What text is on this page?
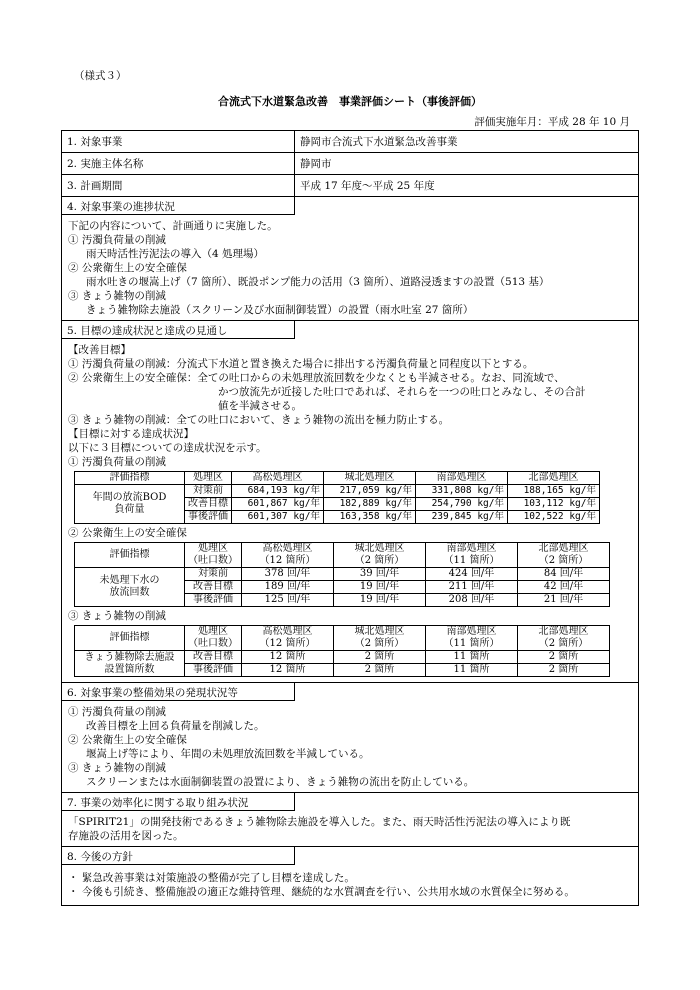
（様式３）
合流式下水道緊急改善　事業評価シート（事後評価）
評価実施年月：平成 28 年 10 月
1. 対象事業	静岡市合流式下水道緊急改善事業
2. 実施主体名称	静岡市
3. 計画期間	平成 17 年度〜平成 25 年度
4. 対象事業の進捗状況
下記の内容について、計画通りに実施した。
① 汚濁負荷量の削減
雨天時活性汚泥法の導入（4 処理場）
② 公衆衛生上の安全確保
雨水吐きの堰嵩上げ（7 箇所）、既設ポンプ能力の活用（3 箇所）、道路浸透ますの設置（513 基）
③ きょう雑物の削減
きょう雑物除去施設（スクリーン及び水面制御装置）の設置（雨水吐室 27 箇所）
5. 目標の達成状況と達成の見通し
【改善目標】
① 汚濁負荷量の削減：分流式下水道と置き換えた場合に排出する汚濁負荷量と同程度以下とする。
② 公衆衛生上の安全確保：全ての吐口からの未処理放流回数を少なくとも半減させる。なお、同流域で、
かつ放流先が近接した吐口であれば、それらを一つの吐口とみなし、その合計
値を半減させる。
③ きょう雑物の削減：全ての吐口において、きょう雑物の流出を極力防止する。
【目標に対する達成状況】
以下に３目標についての達成状況を示す。
① 汚濁負荷量の削減
評価指標	処理区	高松処理区	城北処理区	南部処理区	北部処理区

年間の放流BOD
負荷量	対策前	684,193 kg/年	217,059 kg/年	331,808 kg/年	188,165 kg/年
	改善目標	601,867 kg/年	182,889 kg/年	254,790 kg/年	103,112 kg/年
	事後評価	601,307 kg/年	163,358 kg/年	239,845 kg/年	102,522 kg/年
② 公衆衛生上の安全確保
評価指標	処理区	高松処理区	城北処理区	南部処理区	北部処理区
	（吐口数）	（12 箇所）	（2 箇所）	（11 箇所）	（2 箇所）

未処理下水の
放流回数	対策前	378 回/年	39 回/年	424 回/年	84 回/年
	改善目標	189 回/年	19 回/年	211 回/年	42 回/年
	事後評価	125 回/年	19 回/年	208 回/年	21 回/年
③ きょう雑物の削減
評価指標	処理区	高松処理区	城北処理区	南部処理区	北部処理区
	（吐口数）	（12 箇所）	（2 箇所）	（11 箇所）	（2 箇所）

きょう雑物除去施設
設置箇所数	改善目標	12 箇所	2 箇所	11 箇所	2 箇所
	事後評価	12 箇所	2 箇所	11 箇所	2 箇所
6. 対象事業の整備効果の発現状況等
① 汚濁負荷量の削減
改善目標を上回る負荷量を削減した。
② 公衆衛生上の安全確保
堰嵩上げ等により、年間の未処理放流回数を半減している。
③ きょう雑物の削減
スクリーンまたは水面制御装置の設置により、きょう雑物の流出を防止している。
7. 事業の効率化に関する取り組み状況
「SPIRIT21」の開発技術であるきょう雑物除去施設を導入した。また、雨天時活性汚泥法の導入により既
存施設の活用を図った。
8. 今後の方針
・ 緊急改善事業は対策施設の整備が完了し目標を達成した。
・ 今後も引続き、整備施設の適正な維持管理、継続的な水質調査を行い、公共用水域の水質保全に努める。
